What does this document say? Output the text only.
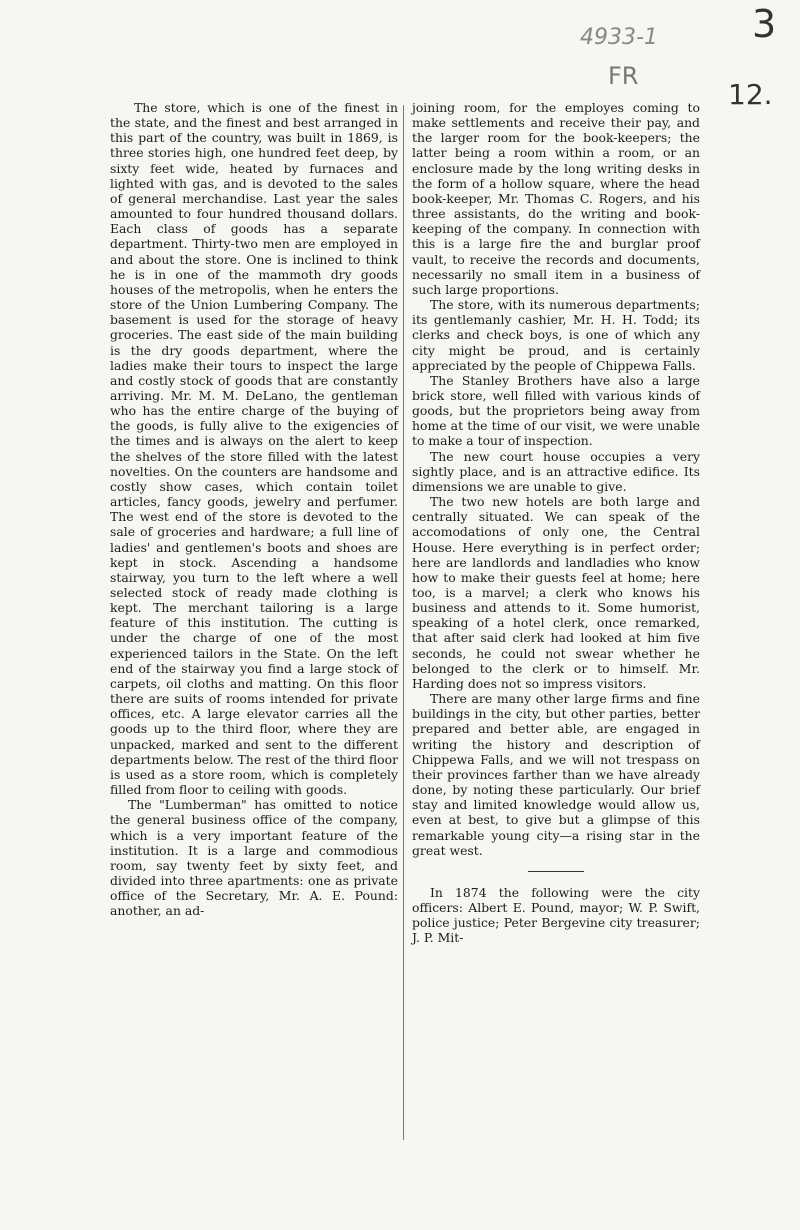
3
4933-1
FR
12.

The store, which is one of the finest in the state, and the finest and best arranged in this part of the country, was built in 1869, is three stories high, one hundred feet deep, by sixty feet wide, heated by furnaces and lighted with gas, and is devoted to the sales of general merchandise. Last year the sales amounted to four hundred thousand dollars. Each class of goods has a separate department. Thirty-two men are employed in and about the store. One is inclined to think he is in one of the mammoth dry goods houses of the metropolis, when he enters the store of the Union Lumbering Company. The basement is used for the storage of heavy groceries. The east side of the main building is the dry goods department, where the ladies make their tours to inspect the large and costly stock of goods that are constantly arriving. Mr. M. M. DeLano, the gentleman who has the entire charge of the buying of the goods, is fully alive to the exigencies of the times and is always on the alert to keep the shelves of the store filled with the latest novelties. On the counters are handsome and costly show cases, which contain toilet articles, fancy goods, jewelry and perfumer. The west end of the store is devoted to the sale of groceries and hardware; a full line of ladies' and gentlemen's boots and shoes are kept in stock. Ascending a handsome stairway, you turn to the left where a well selected stock of ready made clothing is kept. The merchant tailoring is a large feature of this institution. The cutting is under the charge of one of the most experienced tailors in the State. On the left end of the stairway you find a large stock of carpets, oil cloths and matting. On this floor there are suits of rooms intended for private offices, etc. A large elevator carries all the goods up to the third floor, where they are unpacked, marked and sent to the different departments below. The rest of the third floor is used as a store room, which is completely filled from floor to ceiling with goods.

The "Lumberman" has omitted to notice the general business office of the company, which is a very important feature of the institution. It is a large and commodious room, say twenty feet by sixty feet, and divided into three apartments: one as private office of the Secretary, Mr. A. E. Pound: another, an ad-

joining room, for the employes coming to make settlements and receive their pay, and the larger room for the book-keepers; the latter being a room within a room, or an enclosure made by the long writing desks in the form of a hollow square, where the head book-keeper, Mr. Thomas C. Rogers, and his three assistants, do the writing and book-keeping of the company. In connection with this is a large fire the and burglar proof vault, to receive the records and documents, necessarily no small item in a business of such large proportions.

The store, with its numerous departments; its gentlemanly cashier, Mr. H. H. Todd; its clerks and check boys, is one of which any city might be proud, and is certainly appreciated by the people of Chippewa Falls.

The Stanley Brothers have also a large brick store, well filled with various kinds of goods, but the proprietors being away from home at the time of our visit, we were unable to make a tour of inspection.

The new court house occupies a very sightly place, and is an attractive edifice. Its dimensions we are unable to give.

The two new hotels are both large and centrally situated. We can speak of the accomodations of only one, the Central House. Here everything is in perfect order; here are landlords and landladies who know how to make their guests feel at home; here too, is a marvel; a clerk who knows his business and attends to it. Some humorist, speaking of a hotel clerk, once remarked, that after said clerk had looked at him five seconds, he could not swear whether he belonged to the clerk or to himself. Mr. Harding does not so impress visitors.

There are many other large firms and fine buildings in the city, but other parties, better prepared and better able, are engaged in writing the history and description of Chippewa Falls, and we will not trespass on their provinces farther than we have already done, by noting these particularly. Our brief stay and limited knowledge would allow us, even at best, to give but a glimpse of this remarkable young city—a rising star in the great west.

In 1874 the following were the city officers: Albert E. Pound, mayor; W. P. Swift, police justice; Peter Bergevine city treasurer; J. P. Mit-
